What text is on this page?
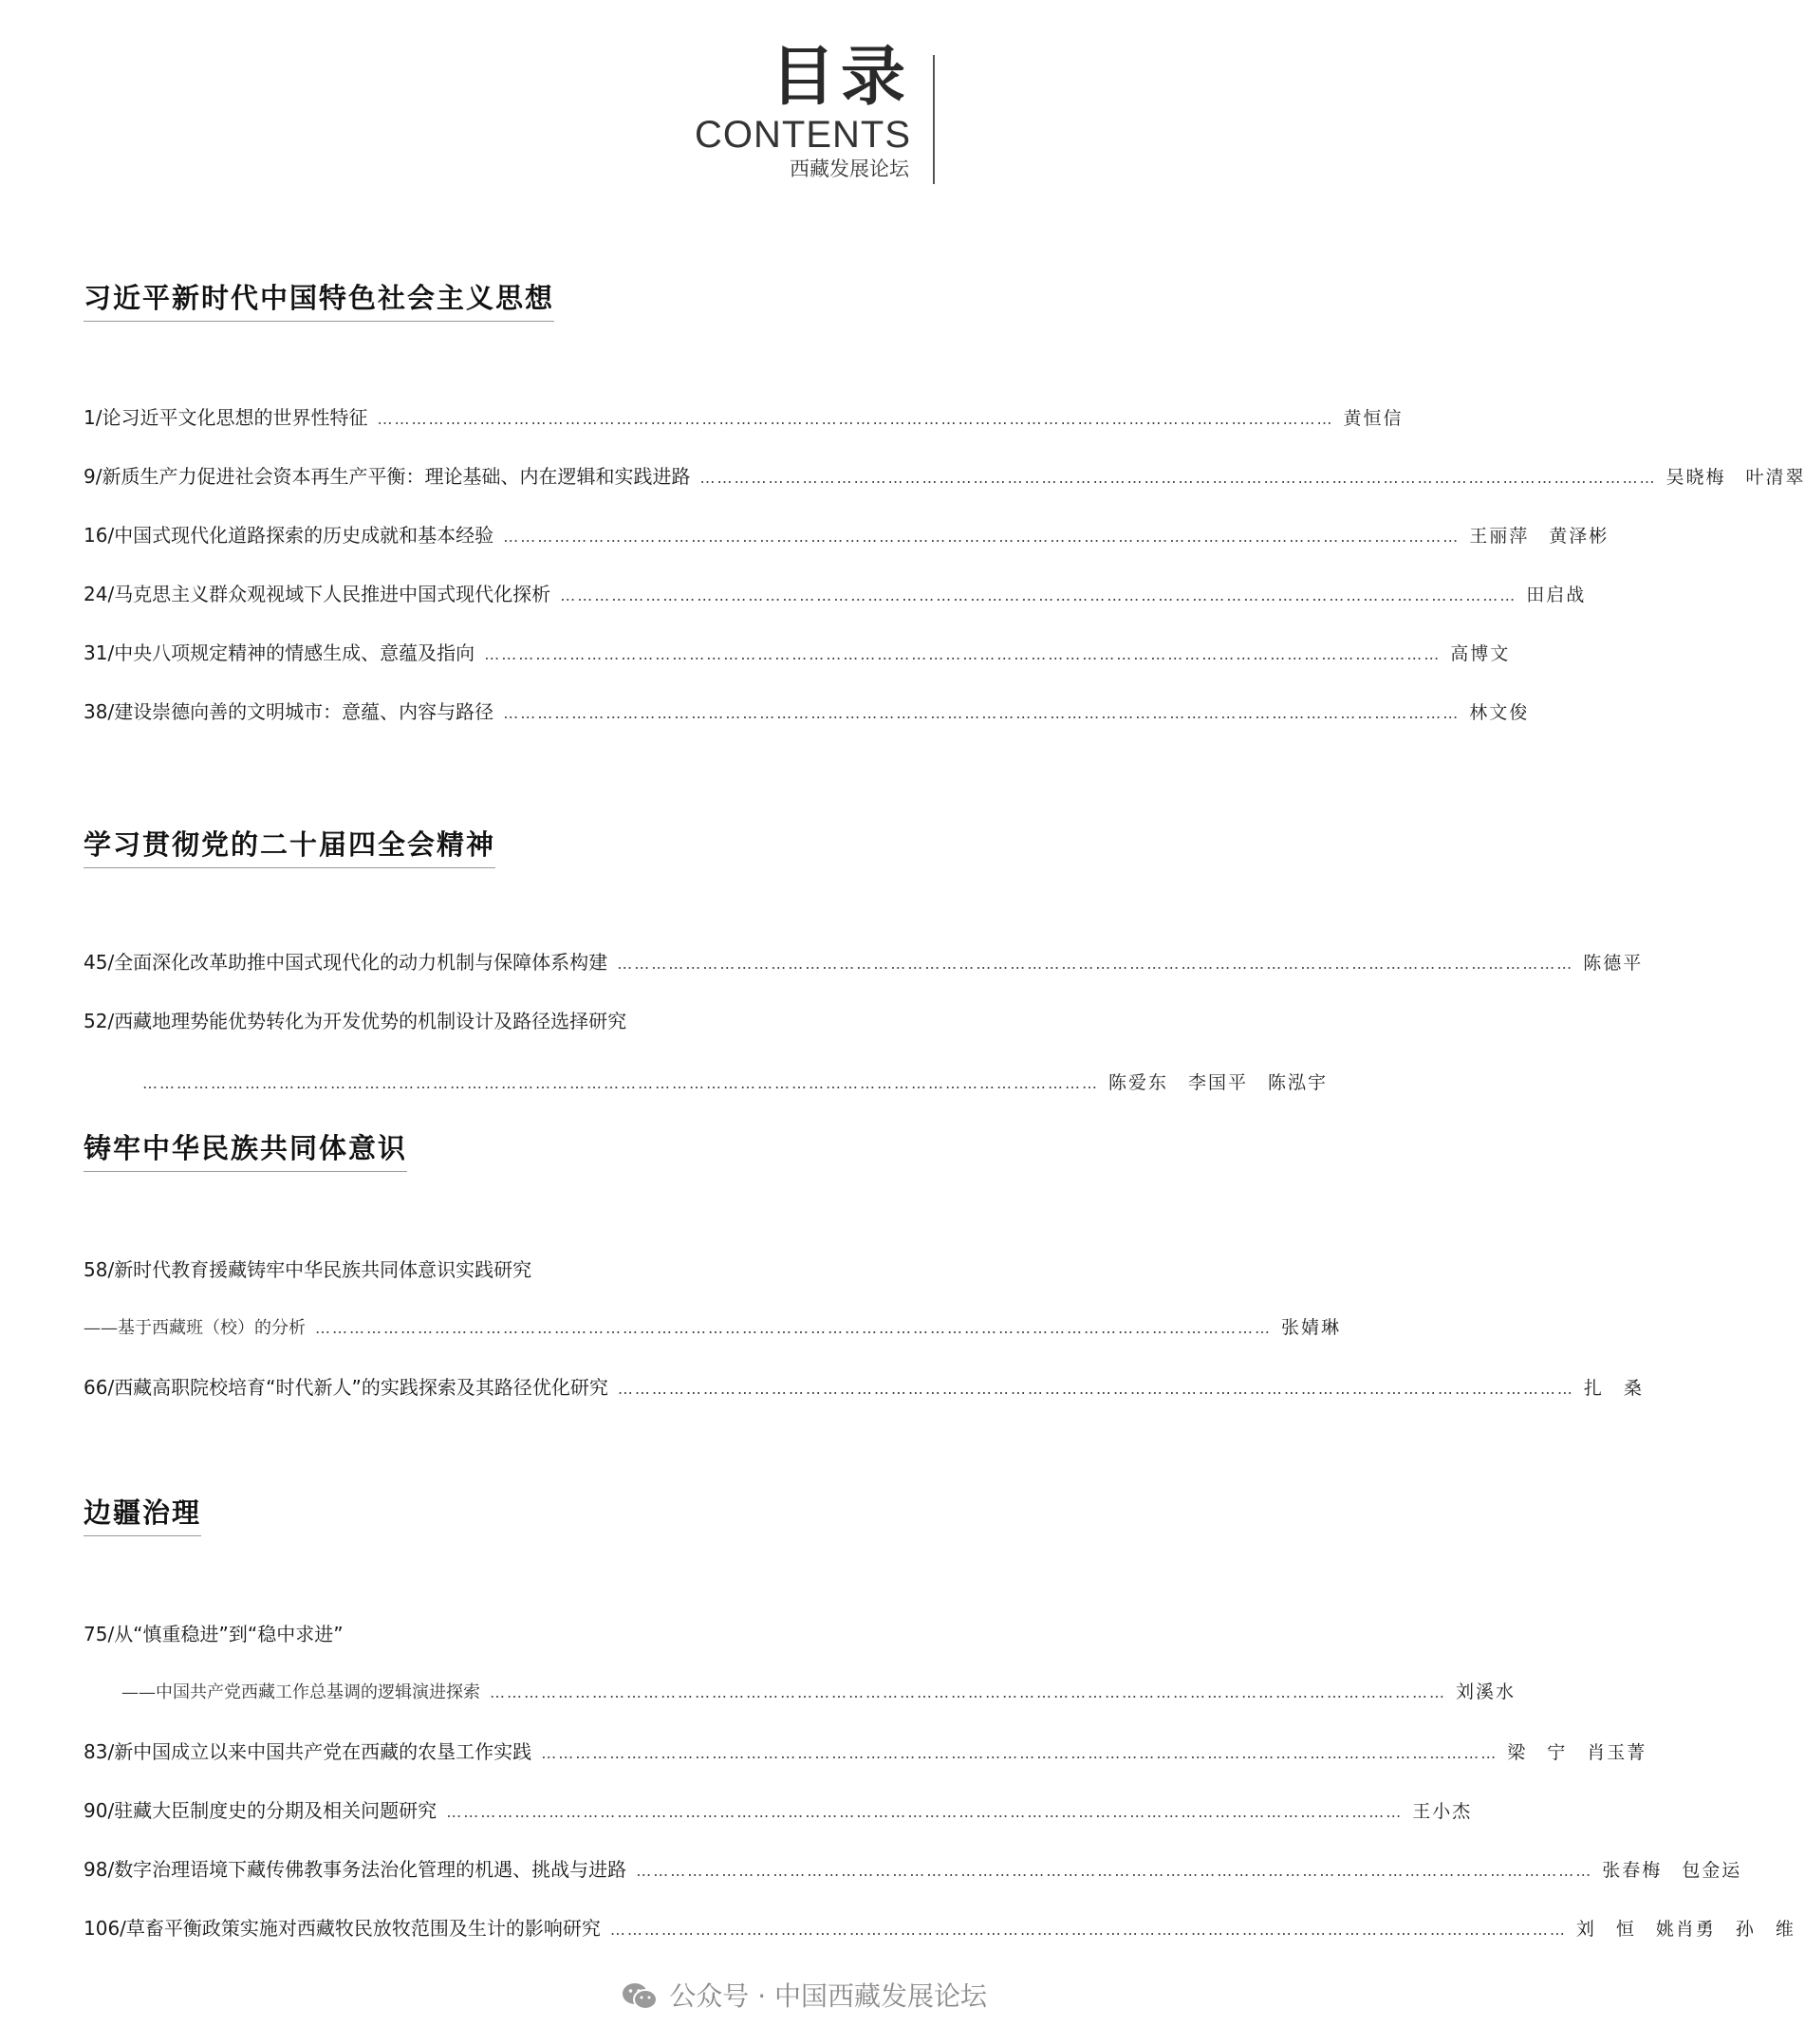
目录
CONTENTS
西藏发展论坛
习近平新时代中国特色社会主义思想
1/论习近平文化思想的世界性特征 …………………………………………………………………………………………………………………………………………………… 黄恒信
9/新质生产力促进社会资本再生产平衡：理论基础、内在逻辑和实践进路 …………………………………………………………………………………………………………………………………………………… 吴晓梅　叶清翠
16/中国式现代化道路探索的历史成就和基本经验 …………………………………………………………………………………………………………………………………………………… 王丽萍　黄泽彬
24/马克思主义群众观视域下人民推进中国式现代化探析 …………………………………………………………………………………………………………………………………………………… 田启战
31/中央八项规定精神的情感生成、意蕴及指向 …………………………………………………………………………………………………………………………………………………… 高博文
38/建设崇德向善的文明城市：意蕴、内容与路径 …………………………………………………………………………………………………………………………………………………… 林文俊
学习贯彻党的二十届四全会精神
45/全面深化改革助推中国式现代化的动力机制与保障体系构建 …………………………………………………………………………………………………………………………………………………… 陈德平
52/西藏地理势能优势转化为开发优势的机制设计及路径选择研究
…………………………………………………………………………………………………………………………………………………… 陈爱东　李国平　陈泓宇
铸牢中华民族共同体意识
58/新时代教育援藏铸牢中华民族共同体意识实践研究
——基于西藏班（校）的分析 …………………………………………………………………………………………………………………………………………………… 张婧琳
66/西藏高职院校培育“时代新人”的实践探索及其路径优化研究 …………………………………………………………………………………………………………………………………………………… 扎　桑
边疆治理
75/从“慎重稳进”到“稳中求进”
——中国共产党西藏工作总基调的逻辑演进探索 …………………………………………………………………………………………………………………………………………………… 刘溪水
83/新中国成立以来中国共产党在西藏的农垦工作实践 …………………………………………………………………………………………………………………………………………………… 梁　宁　肖玉菁
90/驻藏大臣制度史的分期及相关问题研究 …………………………………………………………………………………………………………………………………………………… 王小杰
98/数字治理语境下藏传佛教事务法治化管理的机遇、挑战与进路 …………………………………………………………………………………………………………………………………………………… 张春梅　包金运
106/草畜平衡政策实施对西藏牧民放牧范围及生计的影响研究 …………………………………………………………………………………………………………………………………………………… 刘　恒　姚肖勇　孙　维
公众号 · 中国西藏发展论坛
